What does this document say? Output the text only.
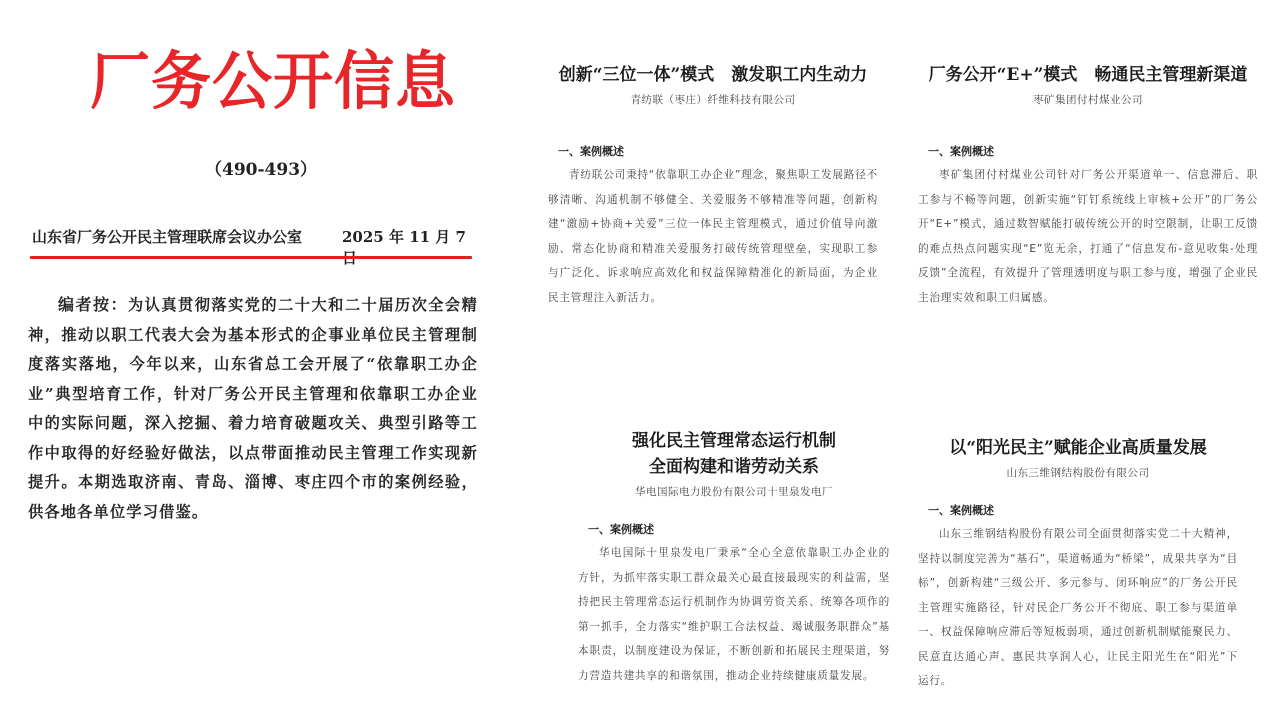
厂务公开信息
（490-493）
山东省厂务公开民主管理联席会议办公室	2025 年 11 月 7
编者按：为认真贯彻落实党的二十大和二十届历次全会精神，推动以职工代表大会为基本形式的企事业单位民主管理制度落实落地，今年以来，山东省总工会开展了“依靠职工办企业”典型培育工作，针对厂务公开民主管理和依靠职工办企业中的实际问题，深入挖掘、着力培育破题攻关、典型引路等工作中取得的好经验好做法，以点带面推动民主管理工作实现新提升。本期选取济南、青岛、淄博、枣庄四个市的案例经验，供各地各单位学习借鉴。
创新“三位一体”模式　激发职工内生动力
青纺联（枣庄）纤维科技有限公司
一、案例概述

青纺联公司秉持“依靠职工办企业”理念，聚焦职工发展路径不够清晰、沟通机制不够健全、关爱服务不够精准等问题，创新构建“激励+协商+关爱”三位一体民主管理模式，通过价值导向激励、常态化协商和精准关爱服务打破传统管理壁垒，实现职工参与广泛化、诉求响应高效化和权益保障精准化的新局面，为企业民主管理注入新活力。

厂务公开“E+”模式　畅通民主管理新渠道
枣矿集团付村煤业公司
一、案例概述

枣矿集团付村煤业公司针对厂务公开渠道单一、信息滞后、职工参与不畅等问题，创新实施“钉钉系统线上审核+公开”的厂务公开“E+”模式，通过数智赋能打破传统公开的时空限制，让职工反馈的难点热点问题实现“E”览无余，打通了“信息发布-意见收集-处理反馈”全流程，有效提升了管理透明度与职工参与度，增强了企业民主治理实效和职工归属感。

强化民主管理常态运行机制
全面构建和谐劳动关系
华电国际电力股份有限公司十里泉发电厂
一、案例概述

华电国际十里泉发电厂秉承“全心全意依靠职工办企业的方针，为抓牢落实职工群众最关心最直接最现实的利益需，坚持把民主管理常态运行机制作为协调劳资关系、统筹各项作的第一抓手，全力落实“维护职工合法权益、竭诚服务职群众”基本职责，以制度建设为保证，不断创新和拓展民主理渠道，努力营造共建共享的和谐氛围，推动企业持续健康质量发展。

以“阳光民主”赋能企业高质量发展
山东三维钢结构股份有限公司
一、案例概述

山东三维钢结构股份有限公司全面贯彻落实党二十大精神，坚持以制度完善为“基石”，渠道畅通为“桥梁”，成果共享为“目标”，创新构建“三级公开、多元参与、闭环响应”的厂务公开民主管理实施路径，针对民企厂务公开不彻底、职工参与渠道单一、权益保障响应滞后等短板弱项，通过创新机制赋能聚民力、民意直达通心声、惠民共享润人心，让民主阳光生在“阳光”下运行。
